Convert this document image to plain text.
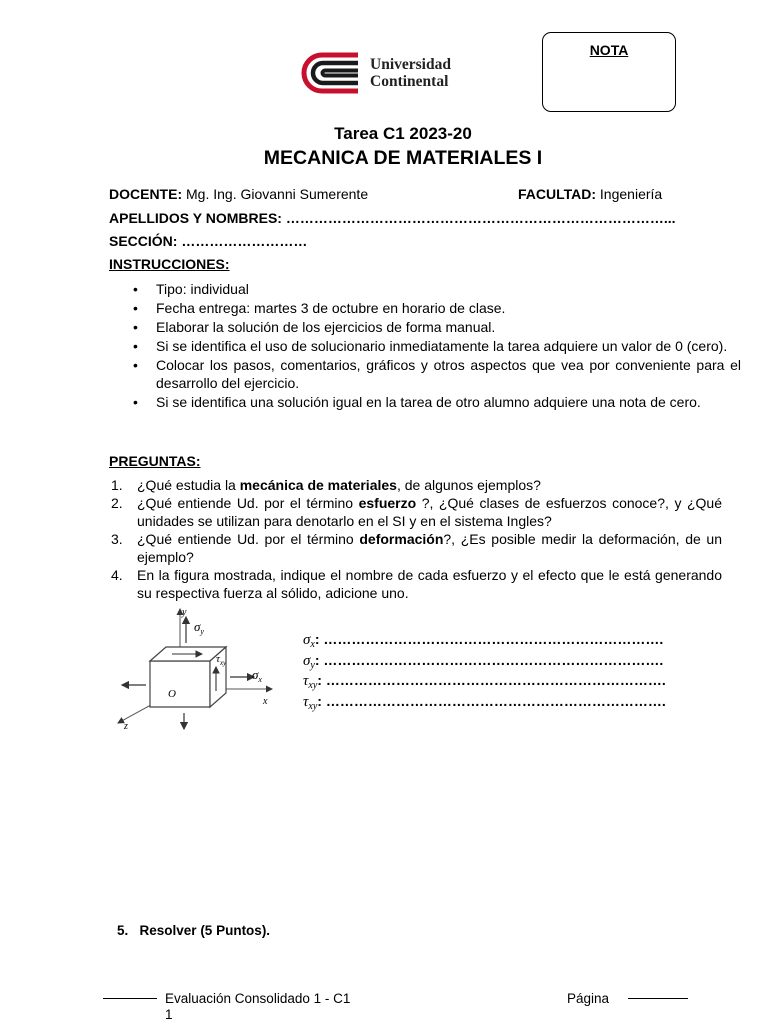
Universidad
Continental
NOTA
Tarea C1 2023-20
MECANICA DE MATERIALES I
DOCENTE: Mg. Ing. Giovanni Sumerente	FACULTAD: Ingeniería
APELLIDOS Y NOMBRES: ………………………………………………………………………...
SECCIÓN: ………………………
INSTRUCCIONES:
• Tipo: individual
• Fecha entrega: martes 3 de octubre en horario de clase.
• Elaborar la solución de los ejercicios de forma manual.
• Si se identifica el uso de solucionario inmediatamente la tarea adquiere un valor de 0 (cero).
• Colocar los pasos, comentarios, gráficos y otros aspectos que vea por conveniente para el desarrollo del ejercicio.
• Si se identifica una solución igual en la tarea de otro alumno adquiere una nota de cero.
PREGUNTAS:
1. ¿Qué estudia la mecánica de materiales, de algunos ejemplos?
2. ¿Qué entiende Ud. por el término esfuerzo ?, ¿Qué clases de esfuerzos conoce?, y ¿Qué unidades se utilizan para denotarlo en el SI y en el sistema Ingles?
3. ¿Qué entiende Ud. por el término deformación?, ¿Es posible medir la deformación, de un ejemplo?
4. En la figura mostrada, indique el nombre de cada esfuerzo y el efecto que le está generando su respectiva fuerza al sólido, adicione uno.
y
x
z
O
$\sigma_y$
$\sigma_x$
$\tau_{xy}$
$\sigma_x$: ……………………………………………………………….
$\sigma_y$: ……………………………………………………………….
$\tau_{xy}$: ……………………………………………………………….
$\tau_{xy}$: ……………………………………………………………….
5. Resolver (5 Puntos).
Evaluación Consolidado 1 - C1
1
Página
